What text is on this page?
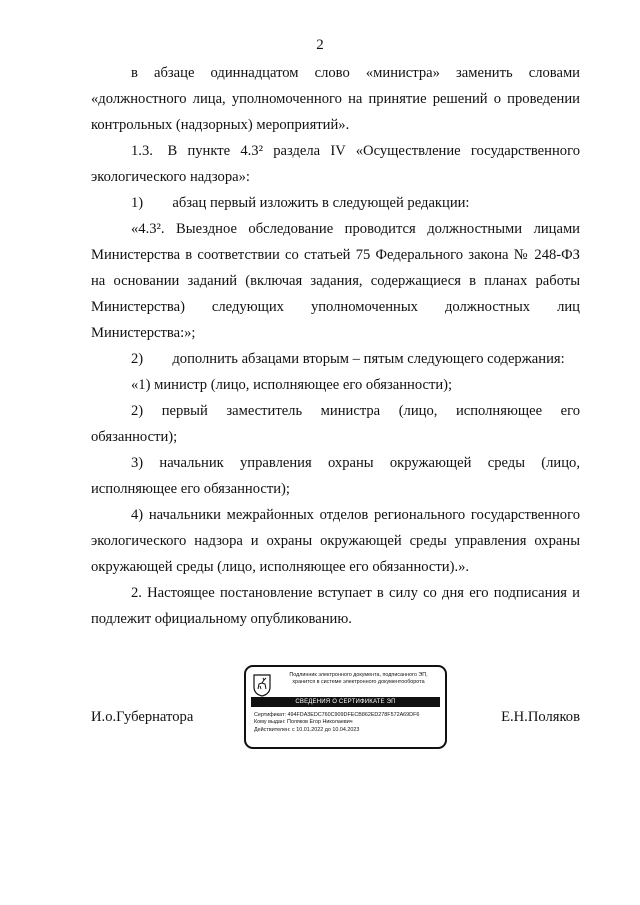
2

в абзаце одиннадцатом слово «министра» заменить словами «должностного лица, уполномоченного на принятие решений о проведении контрольных (надзорных) мероприятий».

1.3. В пункте 4.3² раздела IV «Осуществление государственного экологического надзора»:

1)  абзац первый изложить в следующей редакции:

«4.3². Выездное обследование проводится должностными лицами Министерства в соответствии со статьей 75 Федерального закона № 248-ФЗ на основании заданий (включая задания, содержащиеся в планах работы Министерства) следующих уполномоченных должностных лиц Министерства:»;

2)  дополнить абзацами вторым – пятым следующего содержания:

«1) министр (лицо, исполняющее его обязанности);

2) первый заместитель министра (лицо, исполняющее его обязанности);

3) начальник управления охраны окружающей среды (лицо, исполняющее его обязанности);

4) начальники межрайонных отделов регионального государственного экологического надзора и охраны окружающей среды управления охраны окружающей среды (лицо, исполняющее его обязанности).».

2. Настоящее постановление вступает в силу со дня его подписания и подлежит официальному опубликованию.

И.о.Губернатора
Подлинник электронного документа, подписанного ЭП,
хранится в системе электронного документооборота
СВЕДЕНИЯ О СЕРТИФИКАТЕ ЭП
Сертификат: 494FDA3EDC760C909DFECB862ED278F572A69DF6
Кому выдан: Поляков Егор Николаевич
Действителен: с 10.01.2022 до 10.04.2023
Е.Н.Поляков
